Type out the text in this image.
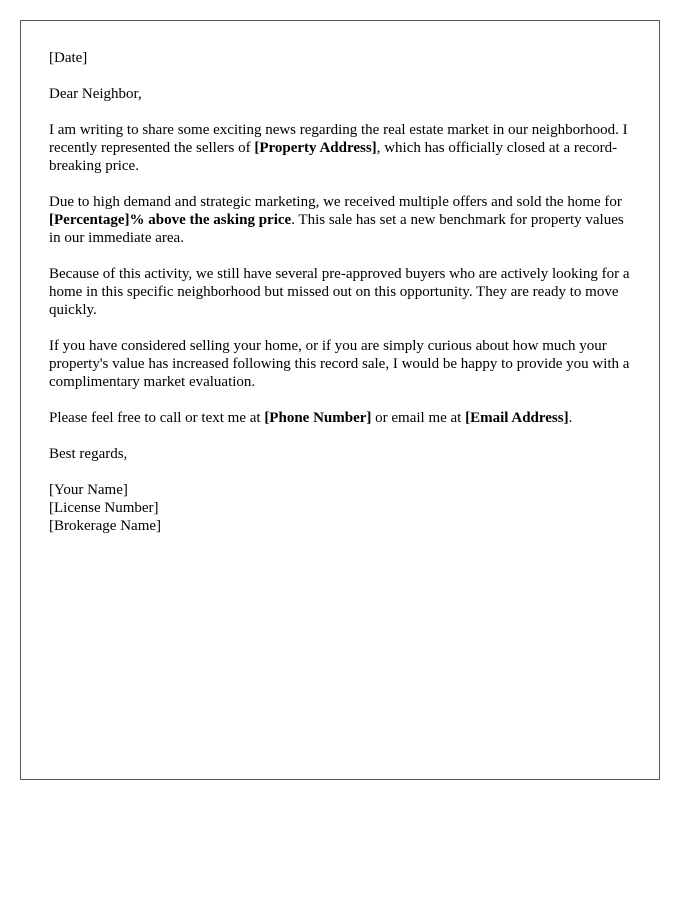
[Date]

Dear Neighbor,

I am writing to share some exciting news regarding the real estate market in our neighborhood. I recently represented the sellers of [Property Address], which has officially closed at a record-breaking price.

Due to high demand and strategic marketing, we received multiple offers and sold the home for [Percentage]% above the asking price. This sale has set a new benchmark for property values in our immediate area.

Because of this activity, we still have several pre-approved buyers who are actively looking for a home in this specific neighborhood but missed out on this opportunity. They are ready to move quickly.

If you have considered selling your home, or if you are simply curious about how much your property's value has increased following this record sale, I would be happy to provide you with a complimentary market evaluation.

Please feel free to call or text me at [Phone Number] or email me at [Email Address].

Best regards,

[Your Name]

[License Number]

[Brokerage Name]
